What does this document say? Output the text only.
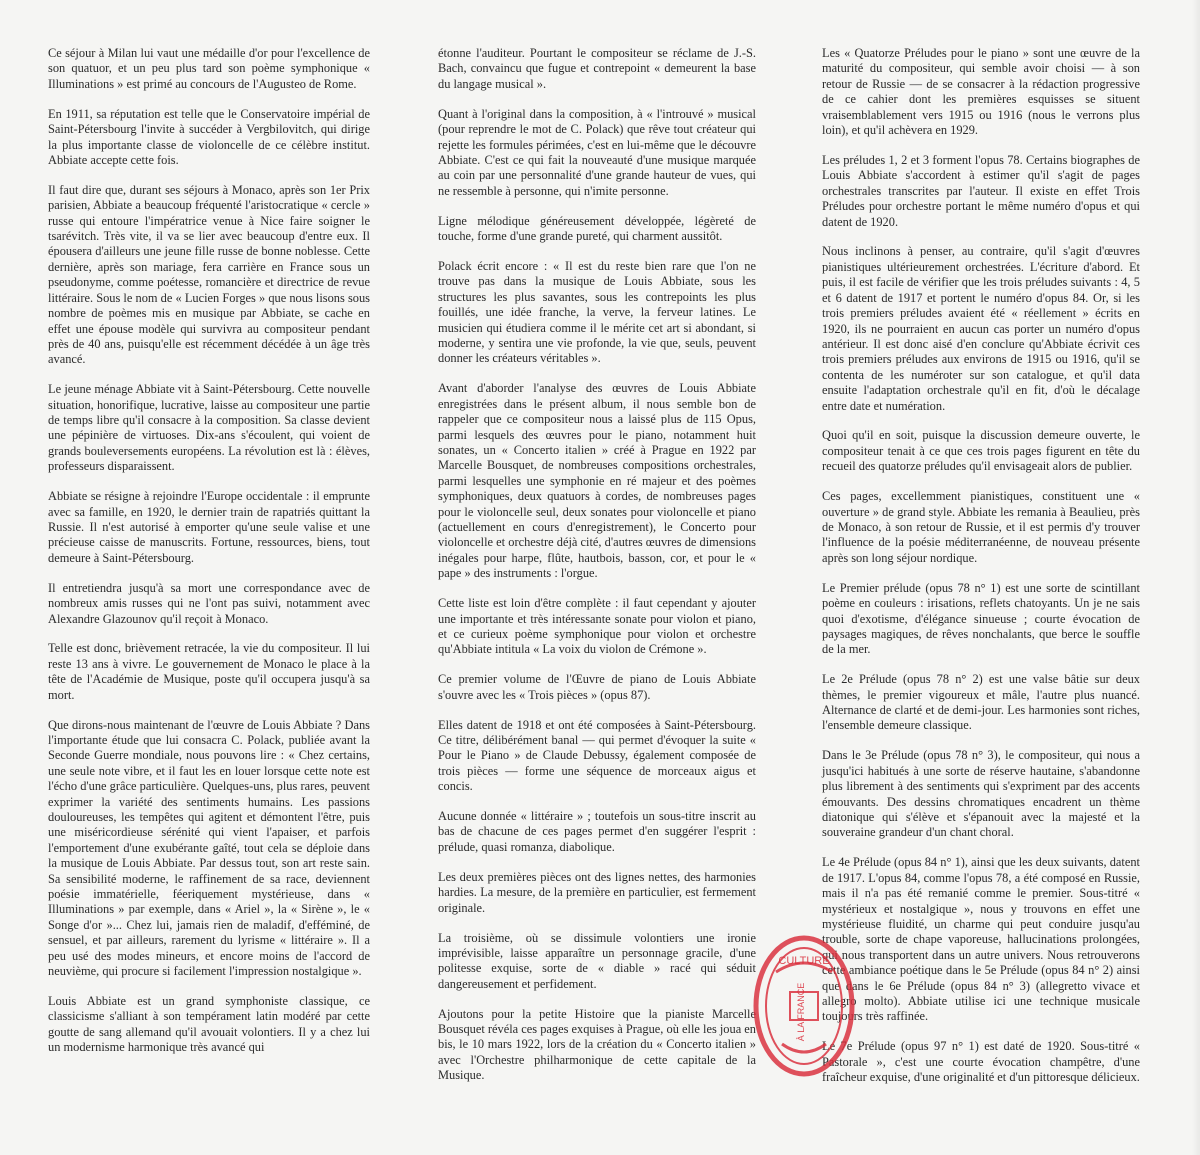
Ce séjour à Milan lui vaut une médaille d'or pour l'excellence de son quatuor, et un peu plus tard son poème symphonique « Illuminations » est primé au concours de l'Augusteo de Rome.

En 1911, sa réputation est telle que le Conservatoire impérial de Saint-Pétersbourg l'invite à succéder à Vergbilovitch, qui dirige la plus importante classe de violoncelle de ce célèbre institut. Abbiate accepte cette fois.

Il faut dire que, durant ses séjours à Monaco, après son 1er Prix parisien, Abbiate a beaucoup fréquenté l'aristocratique « cercle » russe qui entoure l'impératrice venue à Nice faire soigner le tsarévitch. Très vite, il va se lier avec beaucoup d'entre eux. Il épousera d'ailleurs une jeune fille russe de bonne noblesse. Cette dernière, après son mariage, fera carrière en France sous un pseudonyme, comme poétesse, romancière et directrice de revue littéraire. Sous le nom de « Lucien Forges » que nous lisons sous nombre de poèmes mis en musique par Abbiate, se cache en effet une épouse modèle qui survivra au compositeur pendant près de 40 ans, puisqu'elle est récemment décédée à un âge très avancé.

Le jeune ménage Abbiate vit à Saint-Pétersbourg. Cette nouvelle situation, honorifique, lucrative, laisse au compositeur une partie de temps libre qu'il consacre à la composition. Sa classe devient une pépinière de virtuoses. Dix-ans s'écoulent, qui voient de grands bouleversements européens. La révolution est là : élèves, professeurs disparaissent.

Abbiate se résigne à rejoindre l'Europe occidentale : il emprunte avec sa famille, en 1920, le dernier train de rapatriés quittant la Russie. Il n'est autorisé à emporter qu'une seule valise et une précieuse caisse de manuscrits. Fortune, ressources, biens, tout demeure à Saint-Pétersbourg.

Il entretiendra jusqu'à sa mort une correspondance avec de nombreux amis russes qui ne l'ont pas suivi, notamment avec Alexandre Glazounov qu'il reçoit à Monaco.

Telle est donc, brièvement retracée, la vie du compositeur. Il lui reste 13 ans à vivre. Le gouvernement de Monaco le place à la tête de l'Académie de Musique, poste qu'il occupera jusqu'à sa mort.

Que dirons-nous maintenant de l'œuvre de Louis Abbiate ? Dans l'importante étude que lui consacra C. Polack, publiée avant la Seconde Guerre mondiale, nous pouvons lire : « Chez certains, une seule note vibre, et il faut les en louer lorsque cette note est l'écho d'une grâce particulière. Quelques-uns, plus rares, peuvent exprimer la variété des sentiments humains. Les passions douloureuses, les tempêtes qui agitent et démontent l'être, puis une miséricordieuse sérénité qui vient l'apaiser, et parfois l'emportement d'une exubérante gaîté, tout cela se déploie dans la musique de Louis Abbiate. Par dessus tout, son art reste sain. Sa sensibilité moderne, le raffinement de sa race, deviennent poésie immatérielle, féeriquement mystérieuse, dans « Illuminations » par exemple, dans « Ariel », la « Sirène », le « Songe d'or »... Chez lui, jamais rien de maladif, d'efféminé, de sensuel, et par ailleurs, rarement du lyrisme « littéraire ». Il a peu usé des modes mineurs, et encore moins de l'accord de neuvième, qui procure si facilement l'impression nostalgique ».

Louis Abbiate est un grand symphoniste classique, ce classicisme s'alliant à son tempérament latin modéré par cette goutte de sang allemand qu'il avouait volontiers. Il y a chez lui un modernisme harmonique très avancé qui

étonne l'auditeur. Pourtant le compositeur se réclame de J.-S. Bach, convaincu que fugue et contrepoint « demeurent la base du langage musical ».

Quant à l'original dans la composition, à « l'introuvé » musical (pour reprendre le mot de C. Polack) que rêve tout créateur qui rejette les formules périmées, c'est en lui-même que le découvre Abbiate. C'est ce qui fait la nouveauté d'une musique marquée au coin par une personnalité d'une grande hauteur de vues, qui ne ressemble à personne, qui n'imite personne.

Ligne mélodique généreusement développée, légèreté de touche, forme d'une grande pureté, qui charment aussitôt.

Polack écrit encore : « Il est du reste bien rare que l'on ne trouve pas dans la musique de Louis Abbiate, sous les structures les plus savantes, sous les contrepoints les plus fouillés, une idée franche, la verve, la ferveur latines. Le musicien qui étudiera comme il le mérite cet art si abondant, si moderne, y sentira une vie profonde, la vie que, seuls, peuvent donner les créateurs véritables ».

Avant d'aborder l'analyse des œuvres de Louis Abbiate enregistrées dans le présent album, il nous semble bon de rappeler que ce compositeur nous a laissé plus de 115 Opus, parmi lesquels des œuvres pour le piano, notamment huit sonates, un « Concerto italien » créé à Prague en 1922 par Marcelle Bousquet, de nombreuses compositions orchestrales, parmi lesquelles une symphonie en ré majeur et des poèmes symphoniques, deux quatuors à cordes, de nombreuses pages pour le violoncelle seul, deux sonates pour violoncelle et piano (actuellement en cours d'enregistrement), le Concerto pour violoncelle et orchestre déjà cité, d'autres œuvres de dimensions inégales pour harpe, flûte, hautbois, basson, cor, et pour le « pape » des instruments : l'orgue.

Cette liste est loin d'être complète : il faut cependant y ajouter une importante et très intéressante sonate pour violon et piano, et ce curieux poème symphonique pour violon et orchestre qu'Abbiate intitula « La voix du violon de Crémone ».

Ce premier volume de l'Œuvre de piano de Louis Abbiate s'ouvre avec les « Trois pièces » (opus 87).

Elles datent de 1918 et ont été composées à Saint-Pétersbourg. Ce titre, délibérément banal — qui permet d'évoquer la suite « Pour le Piano » de Claude Debussy, également composée de trois pièces — forme une séquence de morceaux aigus et concis.

Aucune donnée « littéraire » ; toutefois un sous-titre inscrit au bas de chacune de ces pages permet d'en suggérer l'esprit : prélude, quasi romanza, diabolique.

Les deux premières pièces ont des lignes nettes, des harmonies hardies. La mesure, de la première en particulier, est fermement originale.

La troisième, où se dissimule volontiers une ironie imprévisible, laisse apparaître un personnage gracile, d'une politesse exquise, sorte de « diable » racé qui séduit dangereusement et perfidement.

Ajoutons pour la petite Histoire que la pianiste Marcelle Bousquet révéla ces pages exquises à Prague, où elle les joua en bis, le 10 mars 1922, lors de la création du « Concerto italien » avec l'Orchestre philharmonique de cette capitale de la Musique.

Les « Quatorze Préludes pour le piano » sont une œuvre de la maturité du compositeur, qui semble avoir choisi — à son retour de Russie — de se consacrer à la rédaction progressive de ce cahier dont les premières esquisses se situent vraisemblablement vers 1915 ou 1916 (nous le verrons plus loin), et qu'il achèvera en 1929.

Les préludes 1, 2 et 3 forment l'opus 78. Certains biographes de Louis Abbiate s'accordent à estimer qu'il s'agit de pages orchestrales transcrites par l'auteur. Il existe en effet Trois Préludes pour orchestre portant le même numéro d'opus et qui datent de 1920.

Nous inclinons à penser, au contraire, qu'il s'agit d'œuvres pianistiques ultérieurement orchestrées. L'écriture d'abord. Et puis, il est facile de vérifier que les trois préludes suivants : 4, 5 et 6 datent de 1917 et portent le numéro d'opus 84. Or, si les trois premiers préludes avaient été « réellement » écrits en 1920, ils ne pourraient en aucun cas porter un numéro d'opus antérieur. Il est donc aisé d'en conclure qu'Abbiate écrivit ces trois premiers préludes aux environs de 1915 ou 1916, qu'il se contenta de les numéroter sur son catalogue, et qu'il data ensuite l'adaptation orchestrale qu'il en fit, d'où le décalage entre date et numération.

Quoi qu'il en soit, puisque la discussion demeure ouverte, le compositeur tenait à ce que ces trois pages figurent en tête du recueil des quatorze préludes qu'il envisageait alors de publier.

Ces pages, excellemment pianistiques, constituent une « ouverture » de grand style. Abbiate les remania à Beaulieu, près de Monaco, à son retour de Russie, et il est permis d'y trouver l'influence de la poésie méditerranéenne, de nouveau présente après son long séjour nordique.

Le Premier prélude (opus 78 n° 1) est une sorte de scintillant poème en couleurs : irisations, reflets chatoyants. Un je ne sais quoi d'exotisme, d'élégance sinueuse ; courte évocation de paysages magiques, de rêves nonchalants, que berce le souffle de la mer.

Le 2e Prélude (opus 78 n° 2) est une valse bâtie sur deux thèmes, le premier vigoureux et mâle, l'autre plus nuancé. Alternance de clarté et de demi-jour. Les harmonies sont riches, l'ensemble demeure classique.

Dans le 3e Prélude (opus 78 n° 3), le compositeur, qui nous a jusqu'ici habitués à une sorte de réserve hautaine, s'abandonne plus librement à des sentiments qui s'expriment par des accents émouvants. Des dessins chromatiques encadrent un thème diatonique qui s'élève et s'épanouit avec la majesté et la souveraine grandeur d'un chant choral.

Le 4e Prélude (opus 84 n° 1), ainsi que les deux suivants, datent de 1917. L'opus 84, comme l'opus 78, a été composé en Russie, mais il n'a pas été remanié comme le premier. Sous-titré « mystérieux et nostalgique », nous y trouvons en effet une mystérieuse fluidité, un charme qui peut conduire jusqu'au trouble, sorte de chape vaporeuse, hallucinations prolongées, qui nous transportent dans un autre univers. Nous retrouverons cette ambiance poétique dans le 5e Prélude (opus 84 n° 2) ainsi que dans le 6e Prélude (opus 84 n° 3) (allegretto vivace et allegro molto). Abbiate utilise ici une technique musicale toujours très raffinée.

Le 7e Prélude (opus 97 n° 1) est daté de 1920. Sous-titré « Pastorale », c'est une courte évocation champêtre, d'une fraîcheur exquise, d'une originalité et d'un pittoresque délicieux.

CULTURE
À LA FRANCE
